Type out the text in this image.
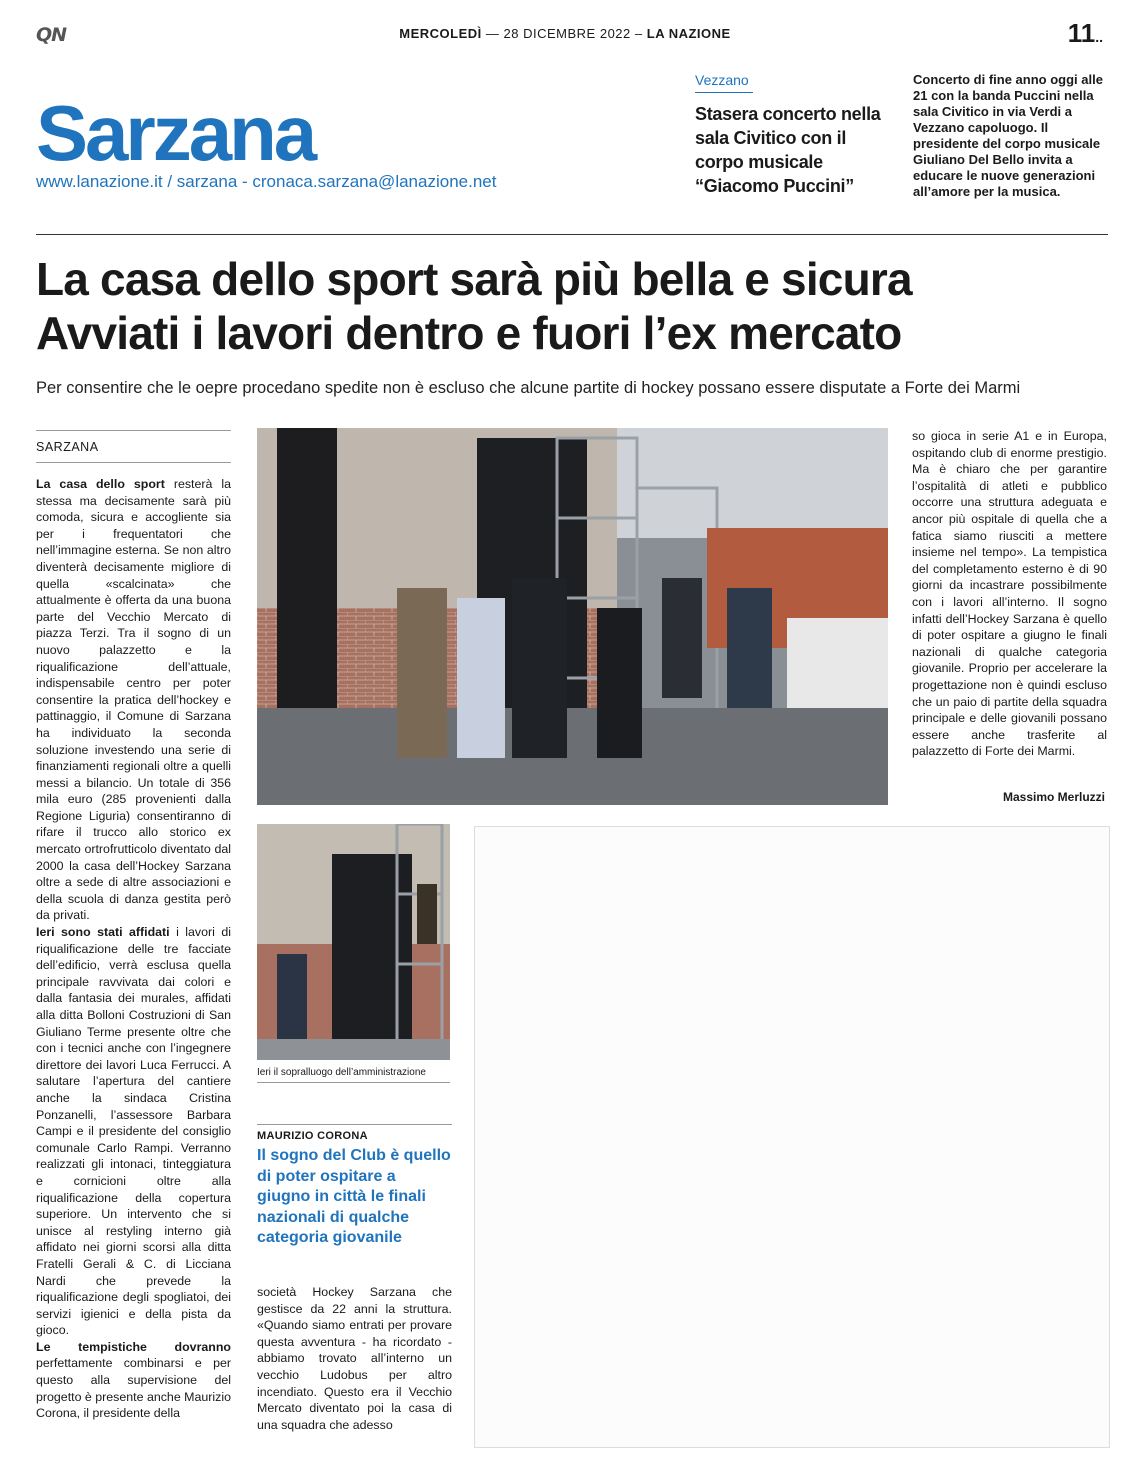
QN	MERCOLEDÌ — 28 DICEMBRE 2022 – LA NAZIONE	11..
Sarzana
www.lanazione.it / sarzana - cronaca.sarzana@lanazione.net
Vezzano
Stasera concerto nella sala Civitico con il corpo musicale “Giacomo Puccini”
Concerto di fine anno oggi alle 21 con la banda Puccini nella sala Civitico in via Verdi a Vezzano capoluogo. Il presidente del corpo musicale Giuliano Del Bello invita a educare le nuove generazioni all’amore per la musica.
La casa dello sport sarà più bella e sicura
Avviati i lavori dentro e fuori l’ex mercato
Per consentire che le oepre procedano spedite non è escluso che alcune partite di hockey possano essere disputate a Forte dei Marmi
SARZANA
La casa dello sport resterà la stessa ma decisamente sarà più comoda, sicura e accogliente sia per i frequentatori che nell’immagine esterna. Se non altro diventerà decisamente migliore di quella «scalcinata» che attualmente è offerta da una buona parte del Vecchio Mercato di piazza Terzi. Tra il sogno di un nuovo palazzetto e la riqualificazione dell’attuale, indispensabile centro per poter consentire la pratica dell’hockey e pattinaggio, il Comune di Sarzana ha individuato la seconda soluzione investendo una serie di finanziamenti regionali oltre a quelli messi a bilancio. Un totale di 356 mila euro (285 provenienti dalla Regione Liguria) consentiranno di rifare il trucco allo storico ex mercato ortrofrutticolo diventato dal 2000 la casa dell’Hockey Sarzana oltre a sede di altre associazioni e della scuola di danza gestita però da privati.
Ieri sono stati affidati i lavori di riqualificazione delle tre facciate dell’edificio, verrà esclusa quella principale ravvivata dai colori e dalla fantasia dei murales, affidati alla ditta Bolloni Costruzioni di San Giuliano Terme presente oltre che con i tecnici anche con l’ingegnere direttore dei lavori Luca Ferrucci. A salutare l’apertura del cantiere anche la sindaca Cristina Ponzanelli, l’assessore Barbara Campi e il presidente del consiglio comunale Carlo Rampi. Verranno realizzati gli intonaci, tinteggiatura e cornicioni oltre alla riqualificazione della copertura superiore. Un intervento che si unisce al restyling interno già affidato nei giorni scorsi alla ditta Fratelli Gerali & C. di Licciana Nardi che prevede la riqualificazione degli spogliatoi, dei servizi igienici e della pista da gioco.
Le tempistiche dovranno perfettamente combinarsi e per questo alla supervisione del progetto è presente anche Maurizio Corona, il presidente della
so gioca in serie A1 e in Europa, ospitando club di enorme prestigio. Ma è chiaro che per garantire l’ospitalità di atleti e pubblico occorre una struttura adeguata e ancor più ospitale di quella che a fatica siamo riusciti a mettere insieme nel tempo». La tempistica del completamento esterno è di 90 giorni da incastrare possibilmente con i lavori all’interno. Il sogno infatti dell’Hockey Sarzana è quello di poter ospitare a giugno le finali nazionali di qualche categoria giovanile. Proprio per accelerare la progettazione non è quindi escluso che un paio di partite della squadra principale e delle giovanili possano essere anche trasferite al palazzetto di Forte dei Marmi.
Massimo Merluzzi
Ieri il sopralluogo dell’amministrazione
MAURIZIO CORONA
Il sogno del Club è quello di poter ospitare a giugno in città le finali nazionali di qualche categoria giovanile
società Hockey Sarzana che gestisce da 22 anni la struttura. «Quando siamo entrati per provare questa avventura - ha ricordato - abbiamo trovato all’interno un vecchio Ludobus per altro incendiato. Questo era il Vecchio Mercato diventato poi la casa di una squadra che adesso
